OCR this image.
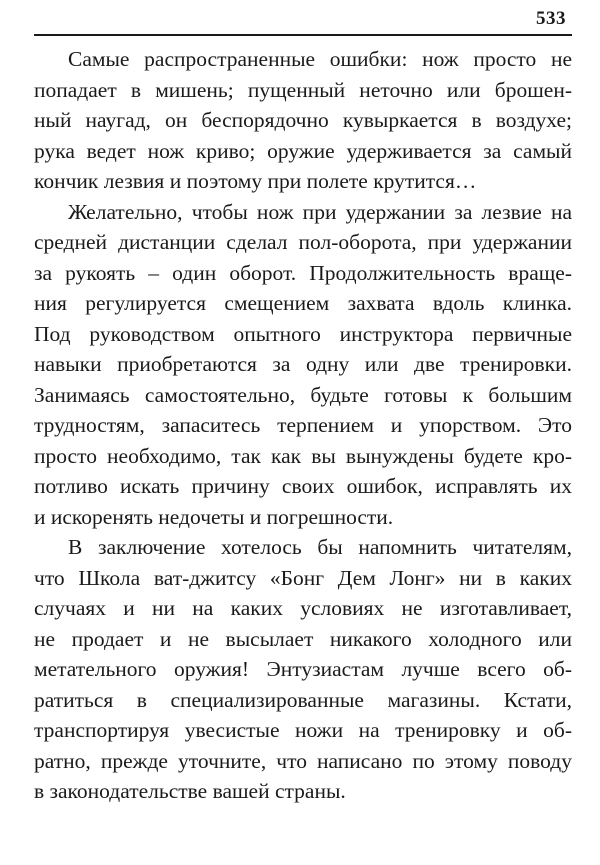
533
Самые распространенные ошибки: нож просто не
попадает в мишень; пущенный неточно или брошен-
ный наугад, он беспорядочно кувыркается в воздухе;
рука ведет нож криво; оружие удерживается за самый
кончик лезвия и поэтому при полете крутится…
Желательно, чтобы нож при удержании за лезвие на
средней дистанции сделал пол-оборота, при удержании
за рукоять – один оборот. Продолжительность враще-
ния регулируется смещением захвата вдоль клинка.
Под руководством опытного инструктора первичные
навыки приобретаются за одну или две тренировки.
Занимаясь самостоятельно, будьте готовы к большим
трудностям, запаситесь терпением и упорством. Это
просто необходимо, так как вы вынуждены будете кро-
потливо искать причину своих ошибок, исправлять их
и искоренять недочеты и погрешности.
В заключение хотелось бы напомнить читателям,
что Школа ват-джитсу «Бонг Дем Лонг» ни в каких
случаях и ни на каких условиях не изготавливает,
не продает и не высылает никакого холодного или
метательного оружия! Энтузиастам лучше всего об-
ратиться в специализированные магазины. Кстати,
транспортируя увесистые ножи на тренировку и об-
ратно, прежде уточните, что написано по этому поводу
в законодательстве вашей страны.
